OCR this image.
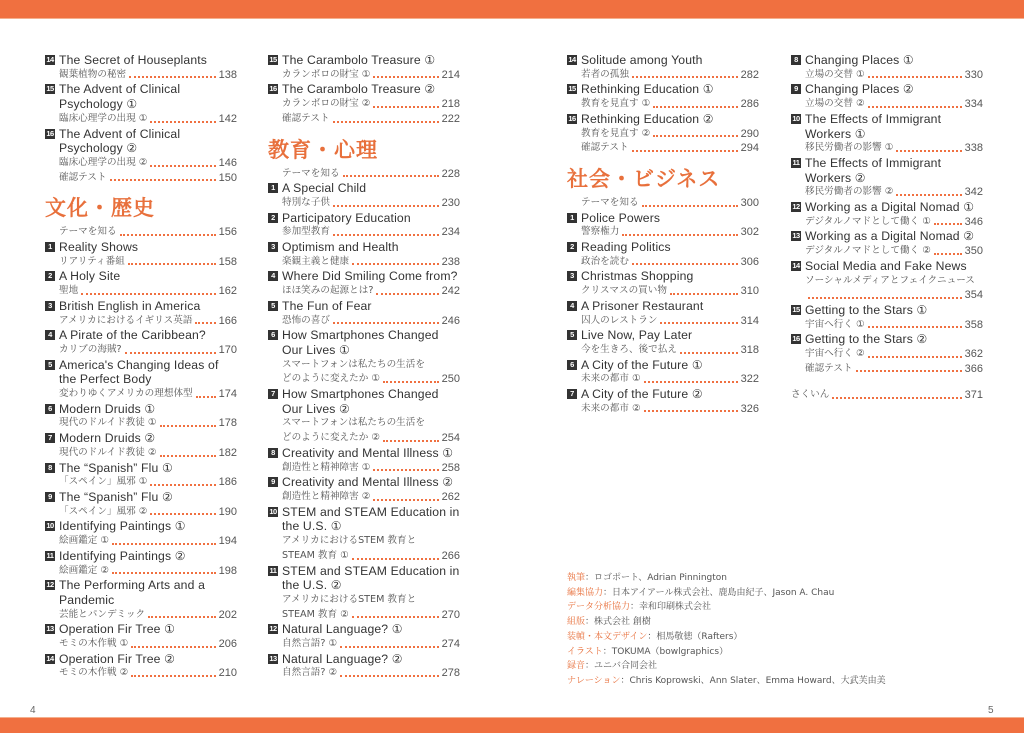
14 The Secret of Houseplants
観葉植物の秘密	138
15 The Advent of Clinical Psychology ①
臨床心理学の出現 ①	142
16 The Advent of Clinical Psychology ②
臨床心理学の出現 ②	146
確認テスト	150
文化・歴史
テーマを知る	156
1 Reality Shows
リアリティ番組	158
2 A Holy Site
聖地	162
3 British English in America
アメリカにおけるイギリス英語 166
4 A Pirate of the Caribbean?
カリブの海賊?	170
5 America's Changing Ideas of the Perfect Body
変わりゆくアメリカの理想体型 174
6 Modern Druids ①
現代のドルイド教徒 ①	178
7 Modern Druids ②
現代のドルイド教徒 ②	182
8 The “Spanish” Flu ①
「スペイン」風邪 ①	186
9 The “Spanish” Flu ②
「スペイン」風邪 ②	190
10 Identifying Paintings ①
絵画鑑定 ①	194
11 Identifying Paintings ②
絵画鑑定 ②	198
12 The Performing Arts and a Pandemic
芸能とパンデミック	202
13 Operation Fir Tree ①
モミの木作戦 ①	206
14 Operation Fir Tree ②
モミの木作戦 ②	210
15 The Carambolo Treasure ①
カランボロの財宝 ①	214
16 The Carambolo Treasure ②
カランボロの財宝 ②	218
確認テスト	222
教育・心理
テーマを知る	228
1 A Special Child
特別な子供	230
2 Participatory Education
参加型教育	234
3 Optimism and Health
楽観主義と健康	238
4 Where Did Smiling Come from?
ほほ笑みの起源とは?	242
5 The Fun of Fear
恐怖の喜び	246
6 How Smartphones Changed Our Lives ①
スマートフォンは私たちの生活を
どのように変えたか ①	250
7 How Smartphones Changed Our Lives ②
スマートフォンは私たちの生活を
どのように変えたか ②	254
8 Creativity and Mental Illness ①
創造性と精神障害 ①	258
9 Creativity and Mental Illness ②
創造性と精神障害 ②	262
10 STEM and STEAM Education in the U.S. ①
アメリカにおけるSTEM 教育と
STEAM 教育 ①	266
11 STEM and STEAM Education in the U.S. ②
アメリカにおけるSTEM 教育と
STEAM 教育 ②	270
12 Natural Language? ①
自然言語? ①	274
13 Natural Language? ②
自然言語? ②	278
14 Solitude among Youth
若者の孤独	282
15 Rethinking Education ①
教育を見直す ①	286
16 Rethinking Education ②
教育を見直す ②	290
確認テスト	294
社会・ビジネス
テーマを知る	300
1 Police Powers
警察権力	302
2 Reading Politics
政治を読む	306
3 Christmas Shopping
クリスマスの買い物	310
4 A Prisoner Restaurant
囚人のレストラン	314
5 Live Now, Pay Later
今を生きろ、後で払え	318
6 A City of the Future ①
未来の都市 ①	322
7 A City of the Future ②
未来の都市 ②	326
8 Changing Places ①
立場の交替 ①	330
9 Changing Places ②
立場の交替 ②	334
10 The Effects of Immigrant Workers ①
移民労働者の影響 ①	338
11 The Effects of Immigrant Workers ②
移民労働者の影響 ②	342
12 Working as a Digital Nomad ①
デジタルノマドとして働く ①	346
13 Working as a Digital Nomad ②
デジタルノマドとして働く ②	350
14 Social Media and Fake News
ソーシャルメディアとフェイクニュース
354
15 Getting to the Stars ①
宇宙へ行く ①	358
16 Getting to the Stars ②
宇宙へ行く ②	362
確認テスト	366
さくいん	371
執筆：ロゴポート、Adrian Pinnington
編集協力：日本アイアール株式会社、鹿島由紀子、Jason A. Chau
データ分析協力：幸和印刷株式会社
組版：株式会社 創樹
装幀・本文デザイン：相馬敬徳（Rafters）
イラスト：TOKUMA（bowlgraphics）
録音：ユニバ合同会社
ナレーション：Chris Koprowski、Ann Slater、Emma Howard、大武芙由美
4	5
